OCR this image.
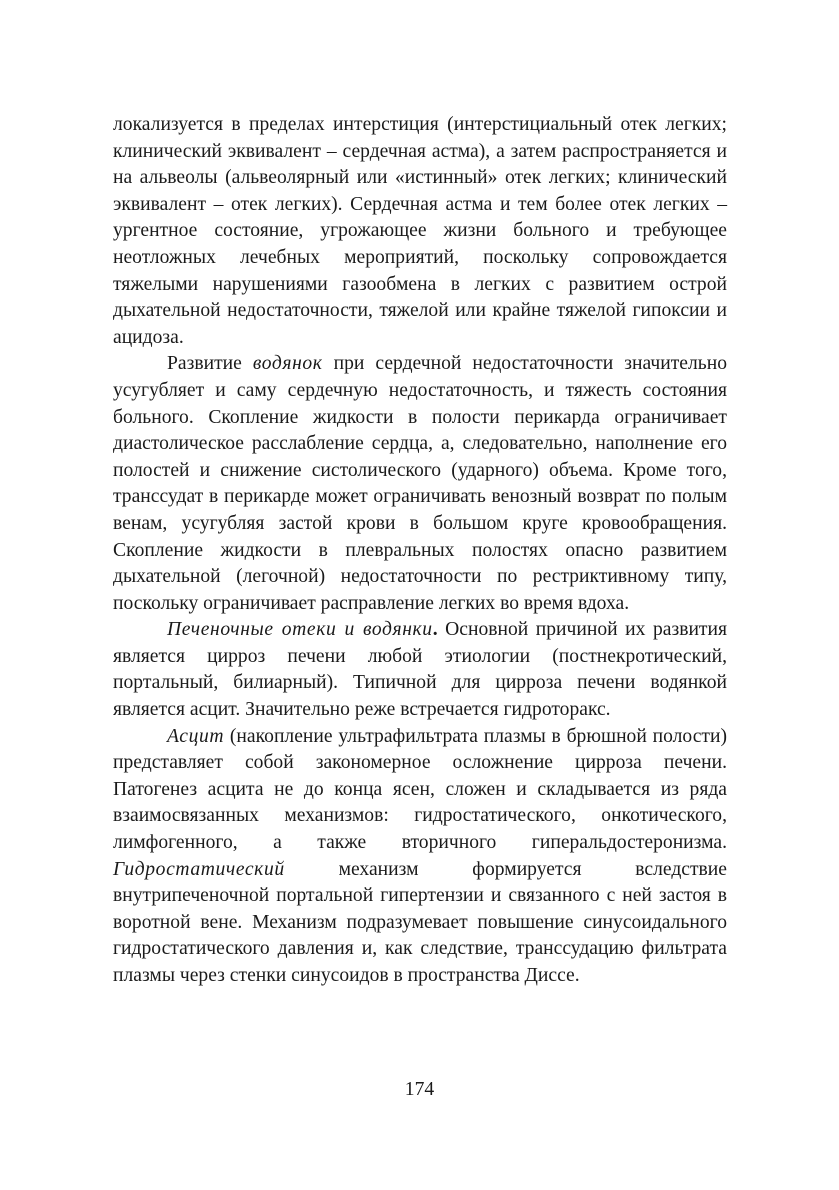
локализуется в пределах интерстиция (интерстициальный отек легких; клинический эквивалент – сердечная астма), а затем распространяется и на альвеолы (альвеолярный или «истинный» отек легких; клинический эквивалент – отек легких). Сердечная астма и тем более отек легких – ургентное состояние, угрожающее жизни больного и требующее неотложных лечебных мероприятий, поскольку сопровождается тяжелыми нарушениями газообмена в легких с развитием острой дыхательной недостаточности, тяжелой или крайне тяжелой гипоксии и ацидоза.

Развитие водянок при сердечной недостаточности значительно усугубляет и саму сердечную недостаточность, и тяжесть состояния больного. Скопление жидкости в полости перикарда ограничивает диастолическое расслабление сердца, а, следовательно, наполнение его полостей и снижение систолического (ударного) объема. Кроме того, транссудат в перикарде может ограничивать венозный возврат по полым венам, усугубляя застой крови в большом круге кровообращения. Скопление жидкости в плевральных полостях опасно развитием дыхательной (легочной) недостаточности по рестриктивному типу, поскольку ограничивает расправление легких во время вдоха.

Печеночные отеки и водянки. Основной причиной их развития является цирроз печени любой этиологии (постнекротический, портальный, билиарный). Типичной для цирроза печени водянкой является асцит. Значительно реже встречается гидроторакс.

Асцит (накопление ультрафильтрата плазмы в брюшной полости) представляет собой закономерное осложнение цирроза печени. Патогенез асцита не до конца ясен, сложен и складывается из ряда взаимосвязанных механизмов: гидростатического, онкотического, лимфогенного, а также вторичного гиперальдостеронизма. Гидростатический механизм формируется вследствие внутрипеченочной портальной гипертензии и связанного с ней застоя в воротной вене. Механизм подразумевает повышение синусоидального гидростатического давления и, как следствие, транссудацию фильтрата плазмы через стенки синусоидов в пространства Диссе.

174
